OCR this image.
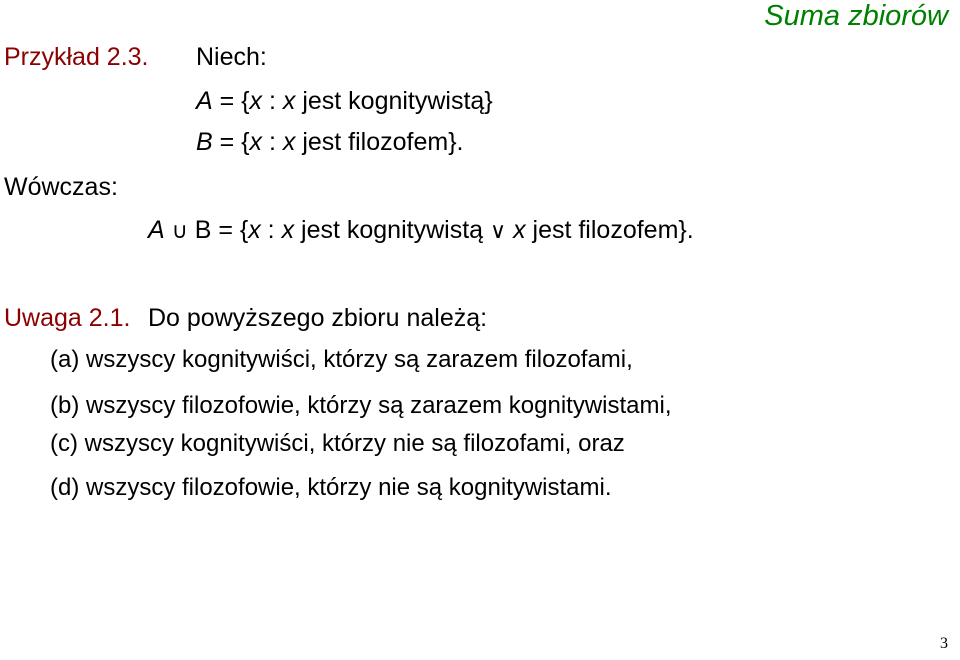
Suma zbiorów
Przykład 2.3. Niech:
A = {x : x jest kognitywistą}
B = {x : x jest filozofem}.
Wówczas:
A ∪ B = {x : x jest kognitywistą ∨ x jest filozofem}.
Uwaga 2.1. Do powyższego zbioru należą:
(a) wszyscy kognitywiści, którzy są zarazem filozofami,
(b) wszyscy filozofowie, którzy są zarazem kognitywistami,
(c) wszyscy kognitywiści, którzy nie są filozofami, oraz
(d) wszyscy filozofowie, którzy nie są kognitywistami.
3
